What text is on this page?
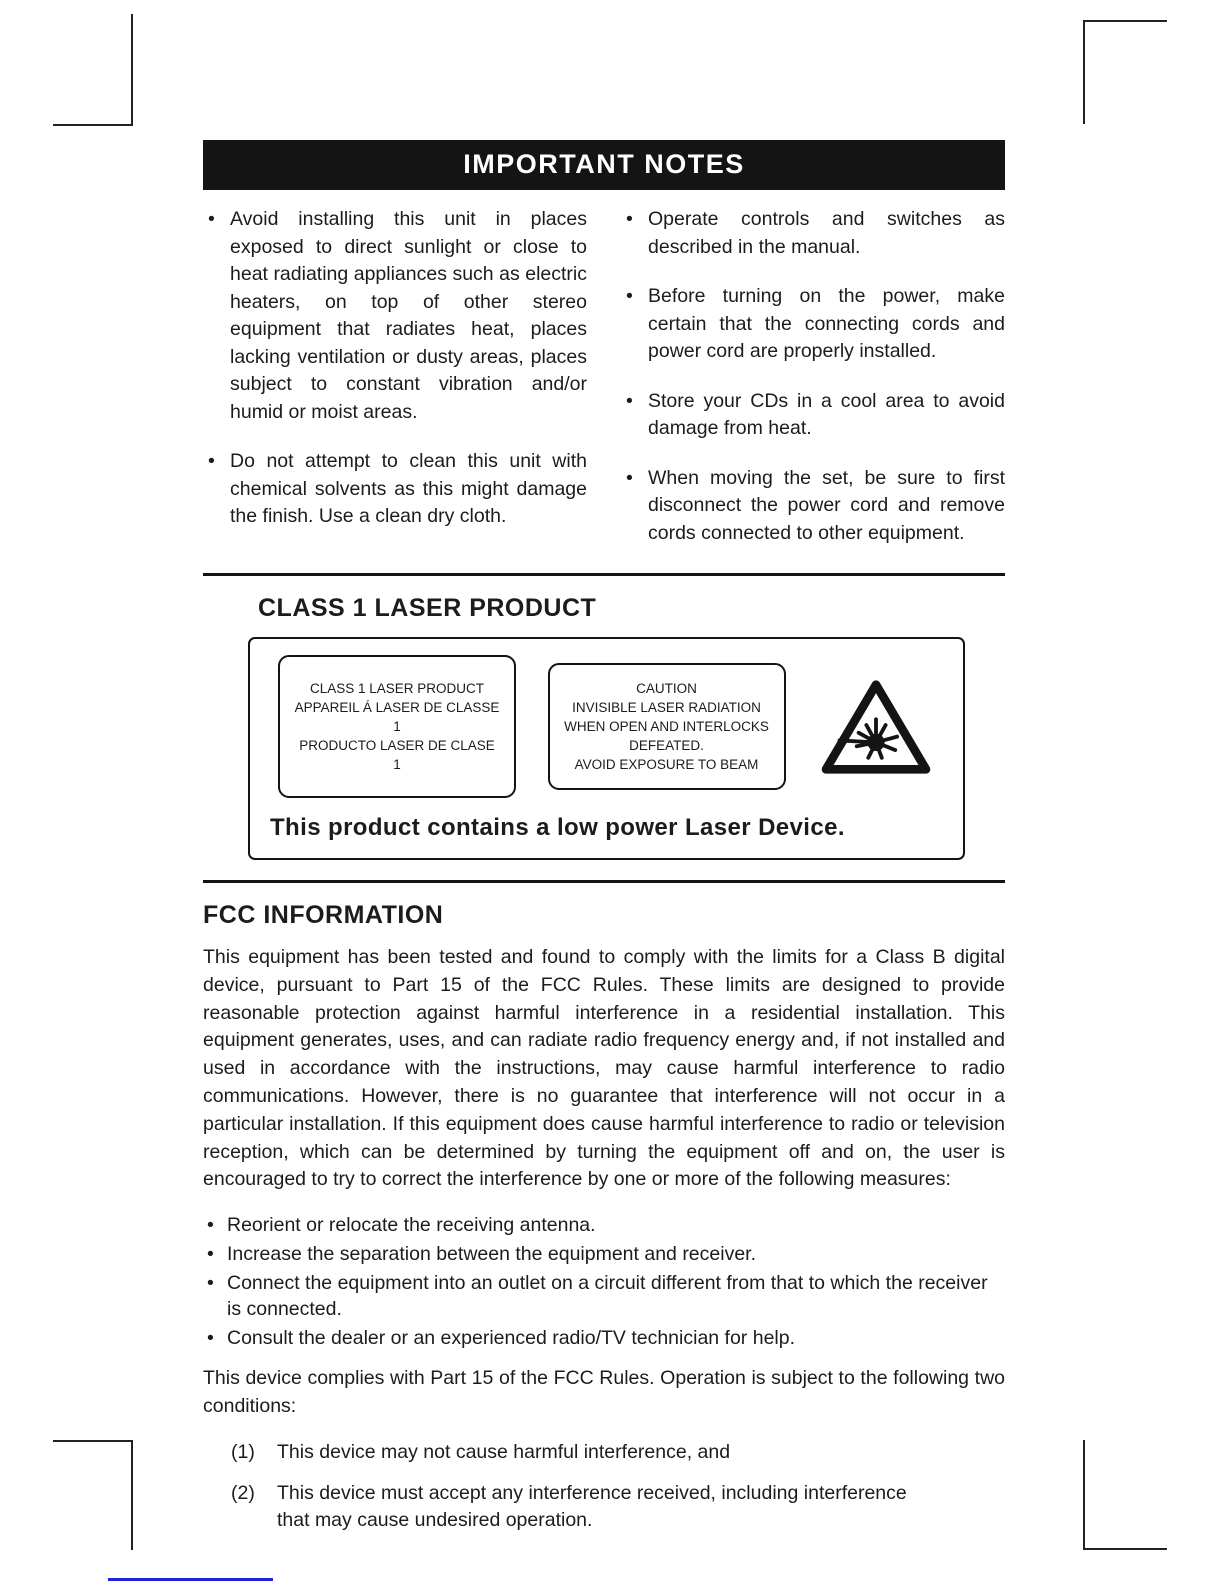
IMPORTANT NOTES
• Avoid installing this unit in places exposed to direct sunlight or close to heat radiating appliances such as electric heaters, on top of other stereo equipment that radiates heat, places lacking ventilation or dusty areas, places subject to constant vibration and/or humid or moist areas.
• Do not attempt to clean this unit with chemical solvents as this might damage the finish. Use a clean dry cloth.
• Operate controls and switches as described in the manual.
• Before turning on the power, make certain that the connecting cords and power cord are properly installed.
• Store your CDs in a cool area to avoid damage from heat.
• When moving the set, be sure to first disconnect the power cord and remove cords connected to other equipment.
CLASS 1 LASER PRODUCT
CLASS 1 LASER PRODUCT
APPAREIL Á LASER DE CLASSE 1
PRODUCTO LASER DE CLASE 1
CAUTION
INVISIBLE LASER RADIATION
WHEN OPEN AND INTERLOCKS
DEFEATED.
AVOID EXPOSURE TO BEAM
This product contains a low power Laser Device.
FCC INFORMATION

This equipment has been tested and found to comply with the limits for a Class B digital device, pursuant to Part 15 of the FCC Rules. These limits are designed to provide reasonable protection against harmful interference in a residential installation. This equipment generates, uses, and can radiate radio frequency energy and, if not installed and used in accordance with the instructions, may cause harmful interference to radio communications. However, there is no guarantee that interference will not occur in a particular installation. If this equipment does cause harmful interference to radio or television reception, which can be determined by turning the equipment off and on, the user is encouraged to try to correct the interference by one or more of the following measures:

• Reorient or relocate the receiving antenna.
• Increase the separation between the equipment and receiver.
• Connect the equipment into an outlet on a circuit different from that to which the receiver is connected.
• Consult the dealer or an experienced radio/TV technician for help.

This device complies with Part 15 of the FCC Rules. Operation is subject to the following two conditions:

(1)	This device may not cause harmful interference, and
(2)	This device must accept any interference received, including interference that may cause undesired operation.
